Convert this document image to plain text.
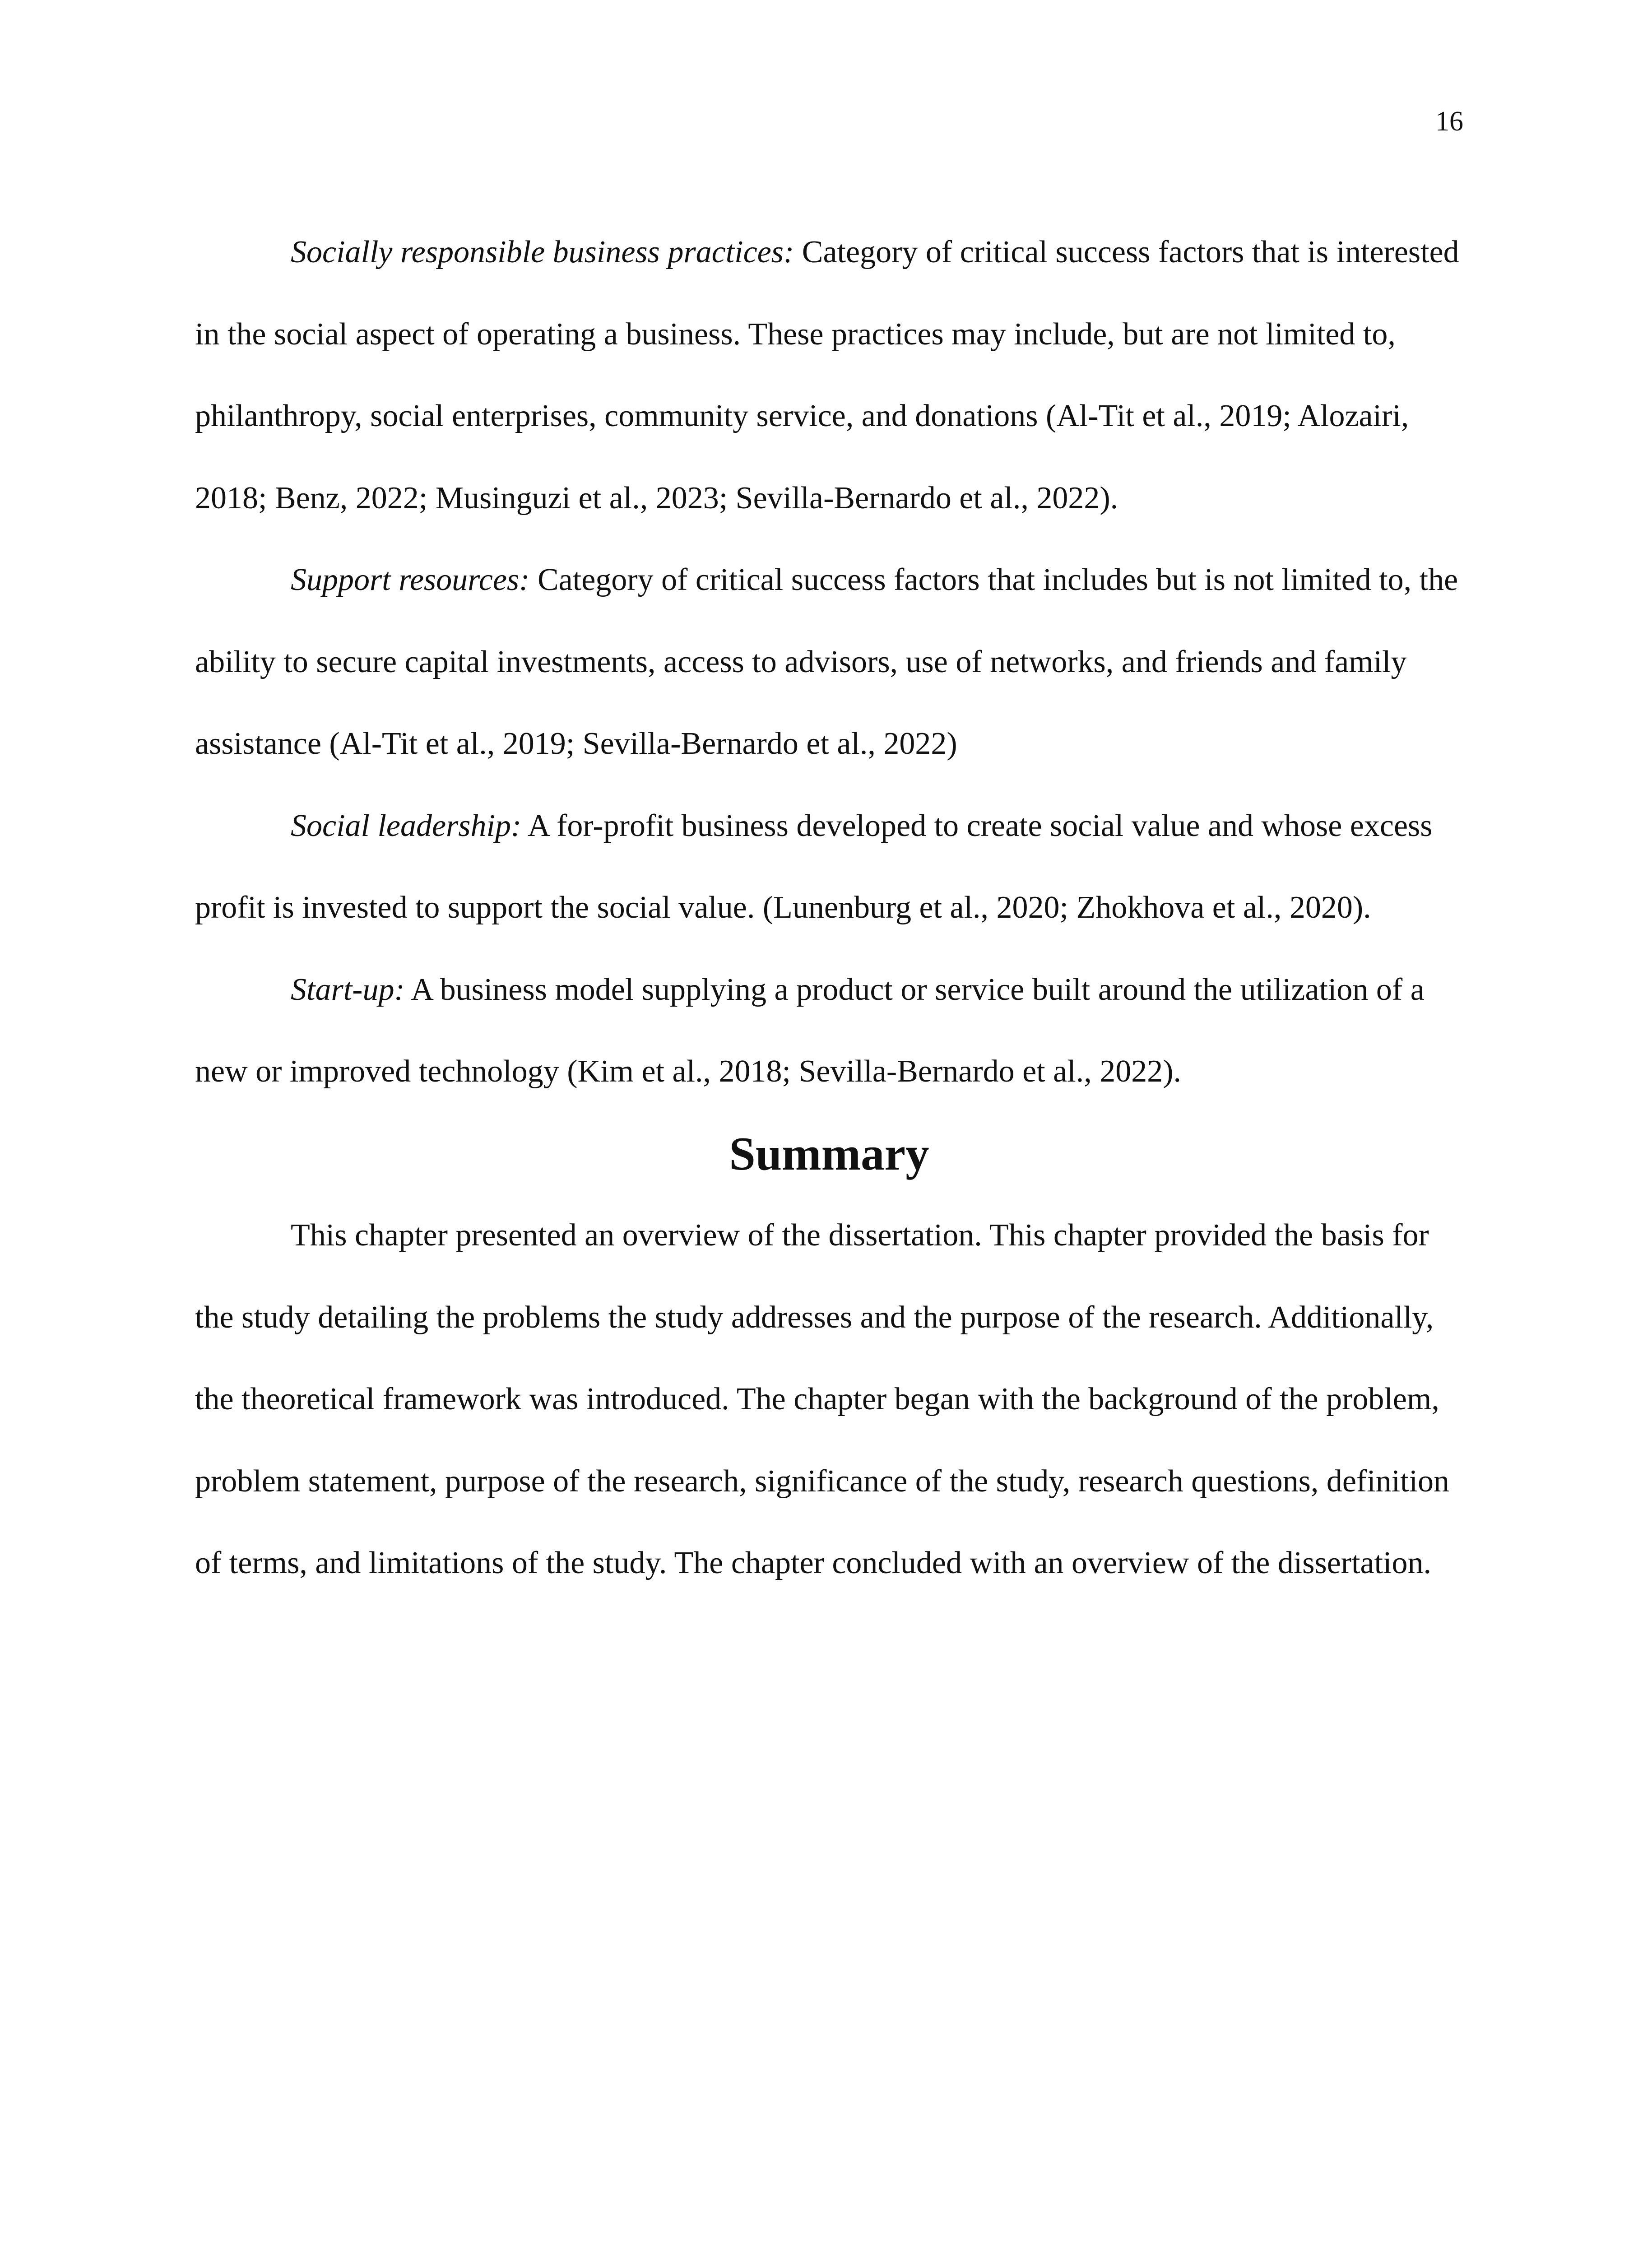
16

Socially responsible business practices: Category of critical success factors that is interested in the social aspect of operating a business. These practices may include, but are not limited to, philanthropy, social enterprises, community service, and donations (Al-Tit et al., 2019; Alozairi, 2018; Benz, 2022; Musinguzi et al., 2023; Sevilla-Bernardo et al., 2022).

Support resources: Category of critical success factors that includes but is not limited to, the ability to secure capital investments, access to advisors, use of networks, and friends and family assistance (Al-Tit et al., 2019; Sevilla-Bernardo et al., 2022)

Social leadership: A for-profit business developed to create social value and whose excess profit is invested to support the social value. (Lunenburg et al., 2020; Zhokhova et al., 2020).

Start-up: A business model supplying a product or service built around the utilization of a new or improved technology (Kim et al., 2018; Sevilla-Bernardo et al., 2022).

Summary

This chapter presented an overview of the dissertation. This chapter provided the basis for the study detailing the problems the study addresses and the purpose of the research. Additionally, the theoretical framework was introduced. The chapter began with the background of the problem, problem statement, purpose of the research, significance of the study, research questions, definition of terms, and limitations of the study. The chapter concluded with an overview of the dissertation.
